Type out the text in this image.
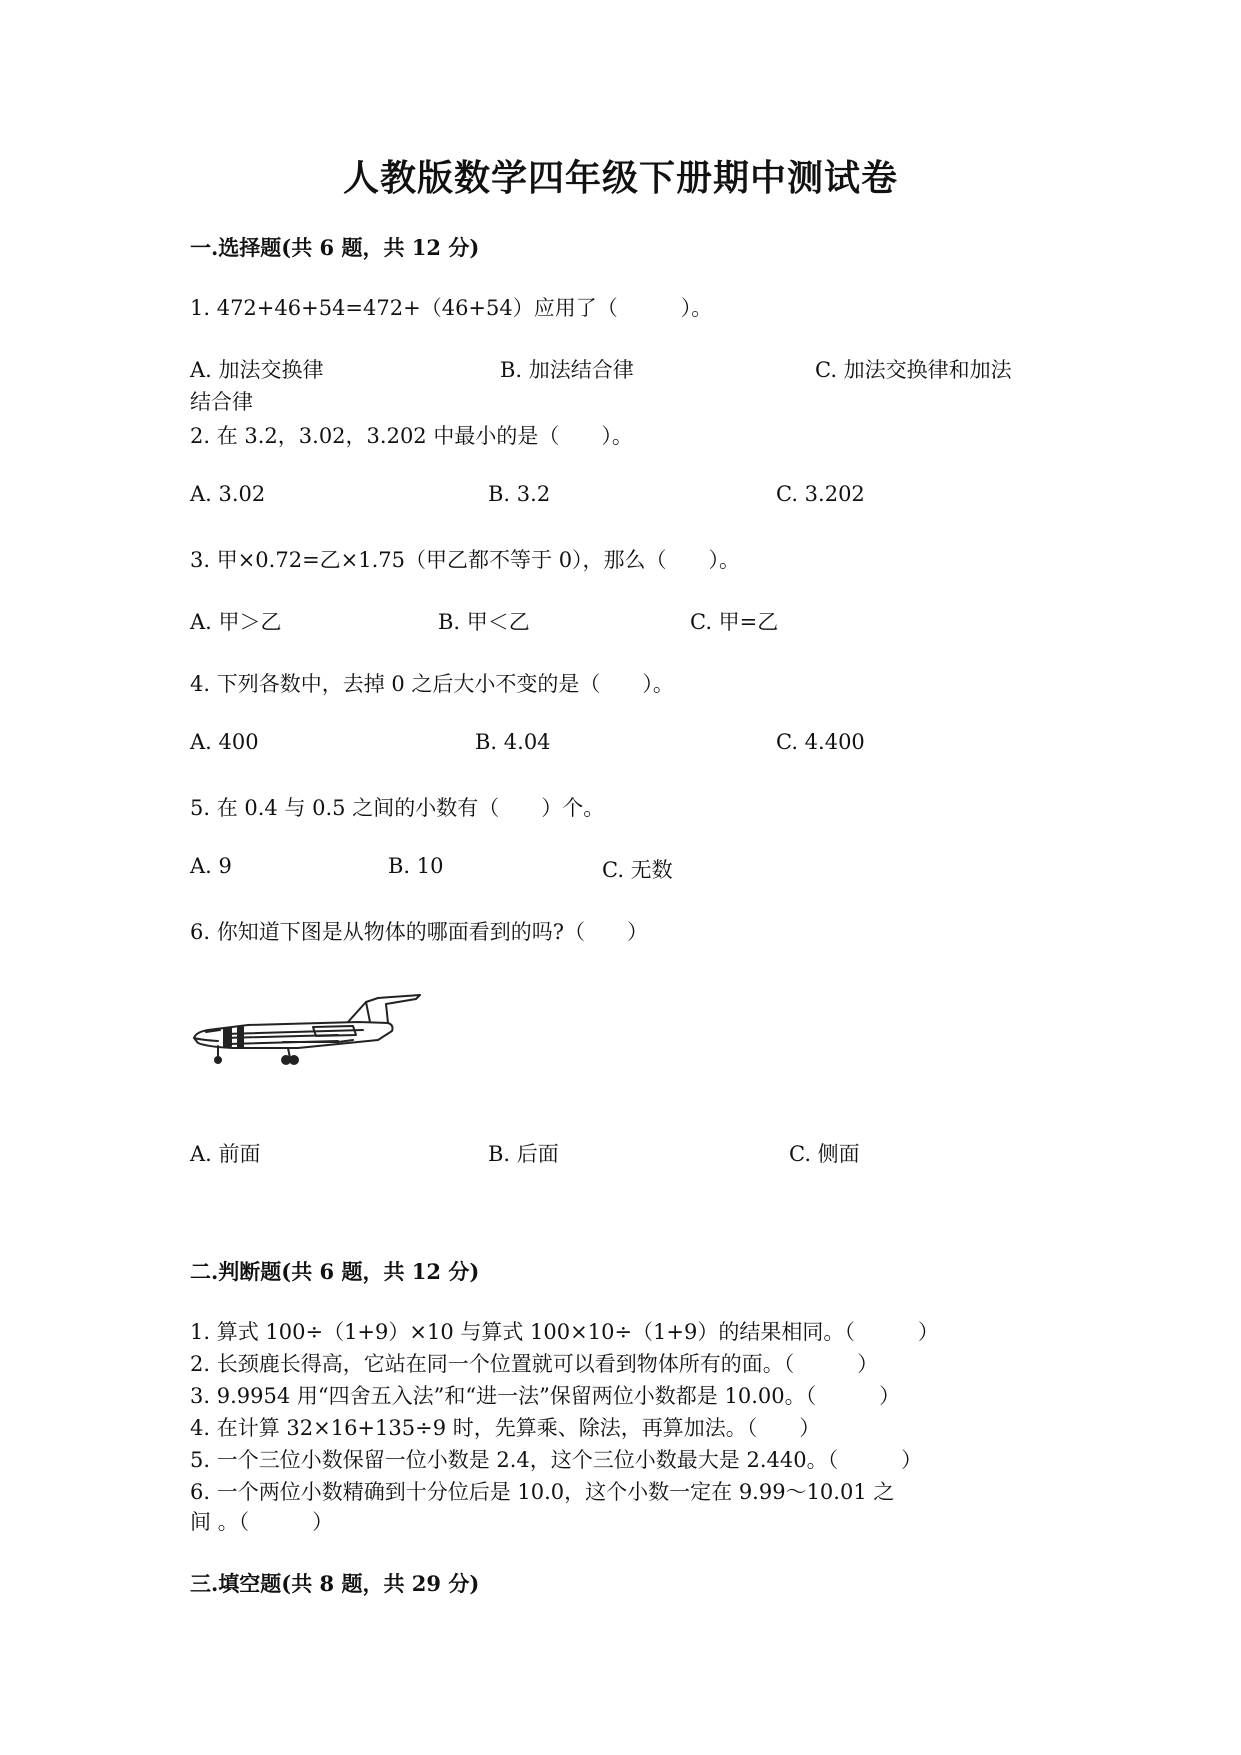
人教版数学四年级下册期中测试卷
一.选择题(共 6 题，共 12 分)
1. 472+46+54=472+（46+54）应用了（　　　）。
A. 加法交换律	B. 加法结合律	C. 加法交换律和加法
结合律
2. 在 3.2，3.02，3.202 中最小的是（　　）。
A. 3.02	B. 3.2	C. 3.202
3. 甲×0.72=乙×1.75（甲乙都不等于 0），那么（　　）。
A. 甲＞乙	B. 甲＜乙	C. 甲=乙
4. 下列各数中，去掉 0 之后大小不变的是（　　）。
A. 400	B. 4.04	C. 4.400
5. 在 0.4 与 0.5 之间的小数有（　　）个。
A. 9	B. 10	C. 无数
6. 你知道下图是从物体的哪面看到的吗?（　　）
A. 前面	B. 后面	C. 侧面
二.判断题(共 6 题，共 12 分)
1. 算式 100÷（1+9）×10 与算式 100×10÷（1+9）的结果相同。（　　　）
2. 长颈鹿长得高，它站在同一个位置就可以看到物体所有的面。（　　　）
3. 9.9954 用“四舍五入法”和“进一法”保留两位小数都是 10.00。（　　　）
4. 在计算 32×16+135÷9 时，先算乘、除法，再算加法。（　　）
5. 一个三位小数保留一位小数是 2.4，这个三位小数最大是 2.440。（　　　）
6. 一个两位小数精确到十分位后是 10.0，这个小数一定在 9.99～10.01 之
间 。（　　　）
三.填空题(共 8 题，共 29 分)
